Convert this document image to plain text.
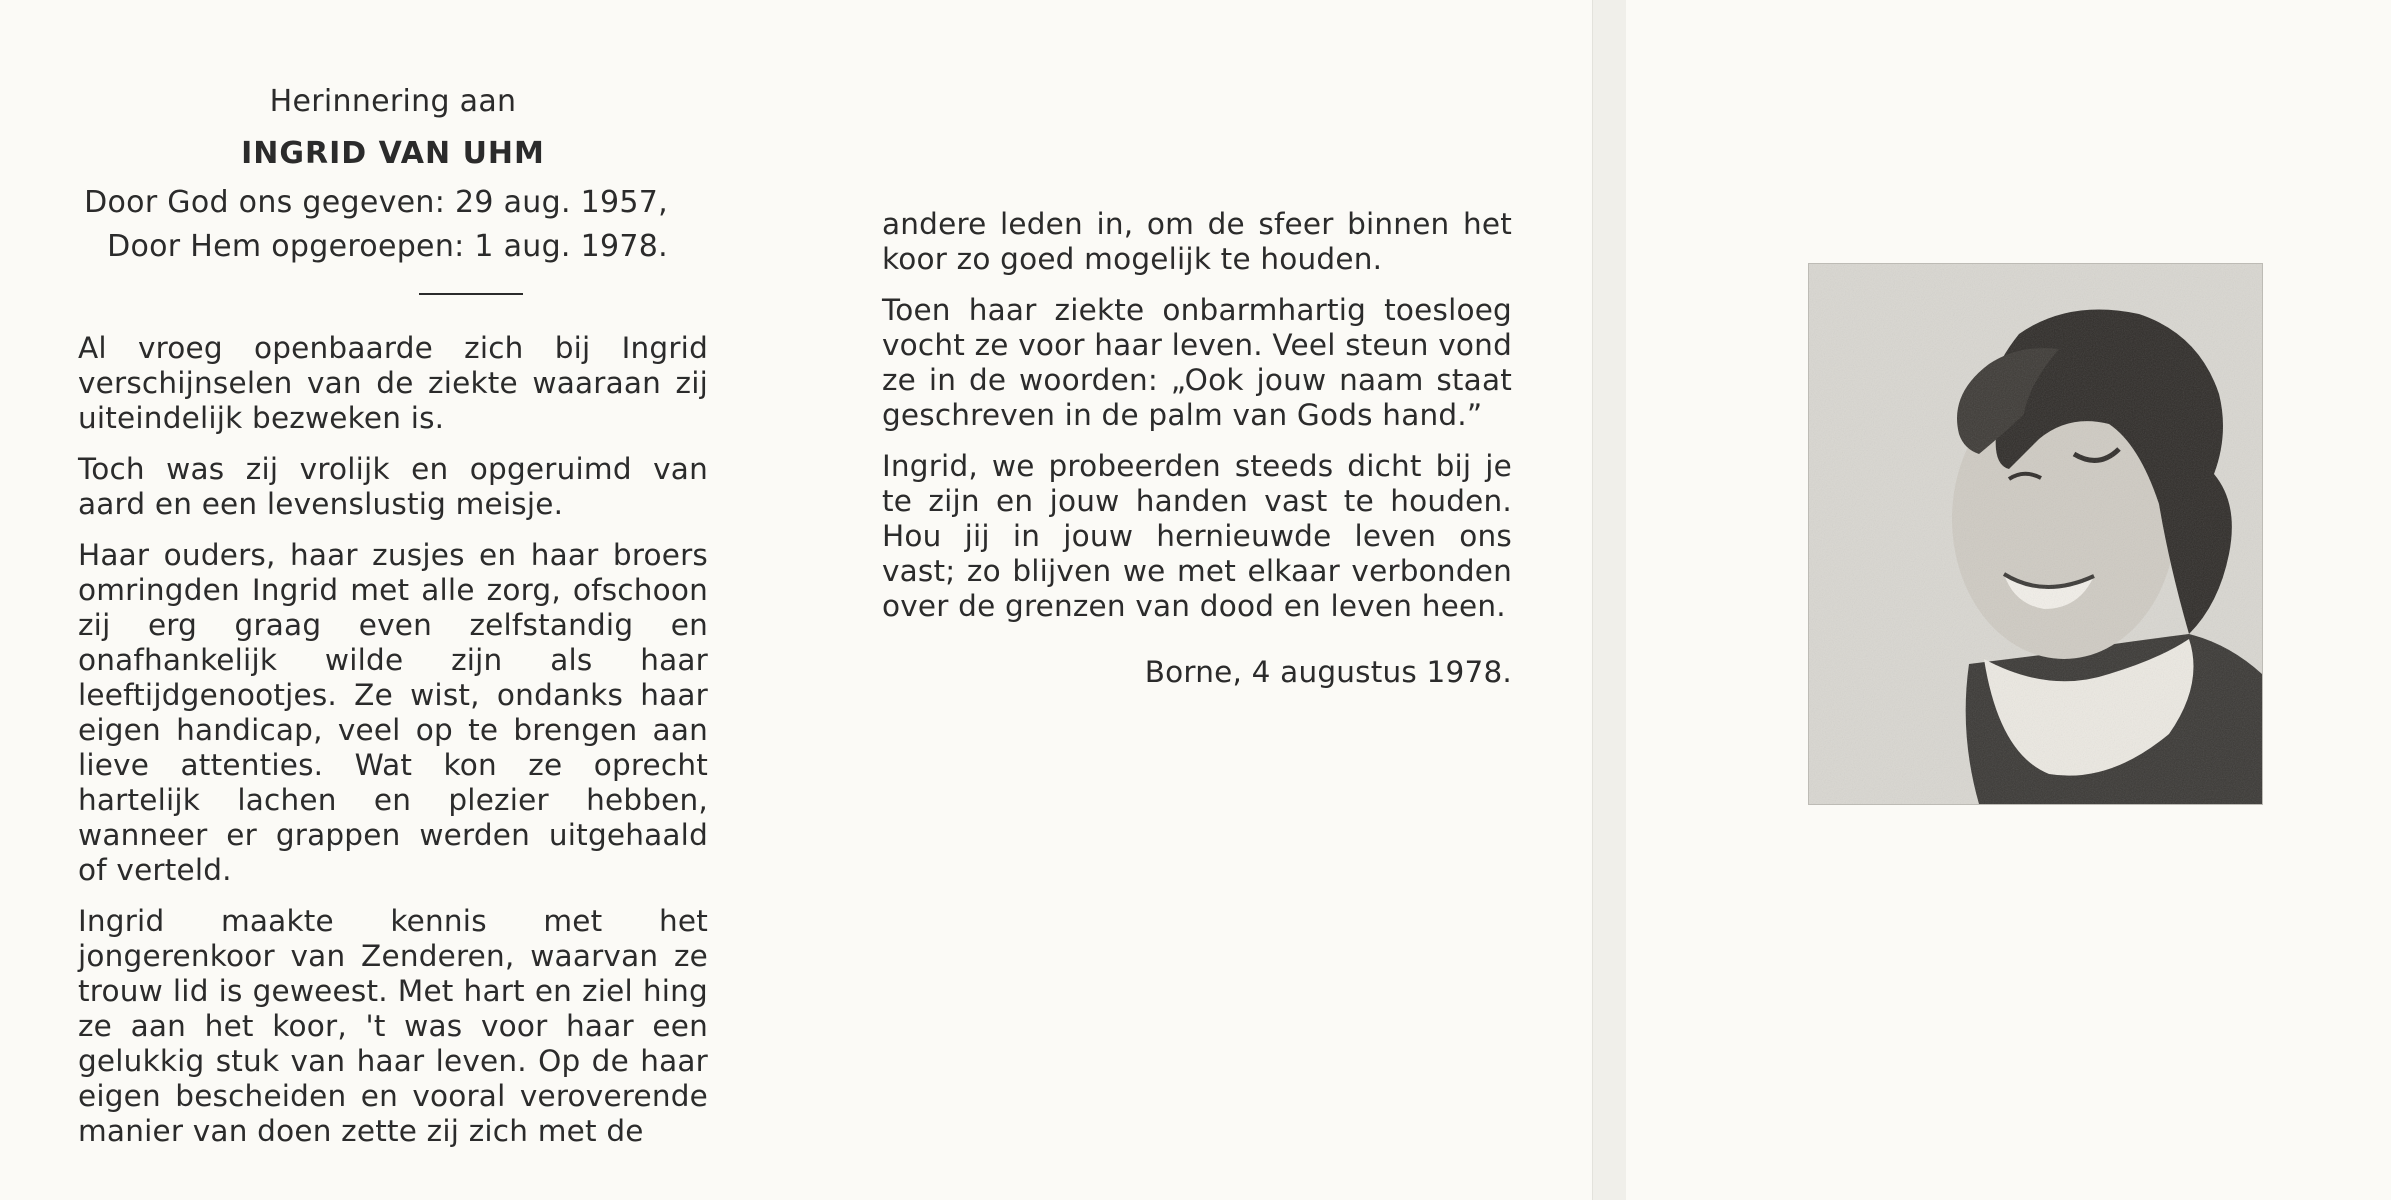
Herinnering aan
INGRID VAN UHM
Door God ons gegeven: 29 aug. 1957,
Door Hem opgeroepen: 1 aug. 1978.

Al vroeg openbaarde zich bij Ingrid verschijnselen van de ziekte waaraan zij uiteindelijk bezweken is.

Toch was zij vrolijk en opgeruimd van aard en een levenslustig meisje.

Haar ouders, haar zusjes en haar broers omringden Ingrid met alle zorg, ofschoon zij erg graag even zelfstandig en onafhankelijk wilde zijn als haar leeftijdgenootjes. Ze wist, ondanks haar eigen handicap, veel op te brengen aan lieve attenties. Wat kon ze oprecht hartelijk lachen en plezier hebben, wanneer er grappen werden uitgehaald of verteld.

Ingrid maakte kennis met het jongerenkoor van Zenderen, waarvan ze trouw lid is geweest. Met hart en ziel hing ze aan het koor, 't was voor haar een gelukkig stuk van haar leven. Op de haar eigen bescheiden en vooral veroverende manier van doen zette zij zich met de

andere leden in, om de sfeer binnen het koor zo goed mogelijk te houden.

Toen haar ziekte onbarmhartig toesloeg vocht ze voor haar leven. Veel steun vond ze in de woorden: „Ook jouw naam staat geschreven in de palm van Gods hand.”

Ingrid, we probeerden steeds dicht bij je te zijn en jouw handen vast te houden. Hou jij in jouw hernieuwde leven ons vast; zo blijven we met elkaar verbonden over de grenzen van dood en leven heen.

Borne, 4 augustus 1978.
